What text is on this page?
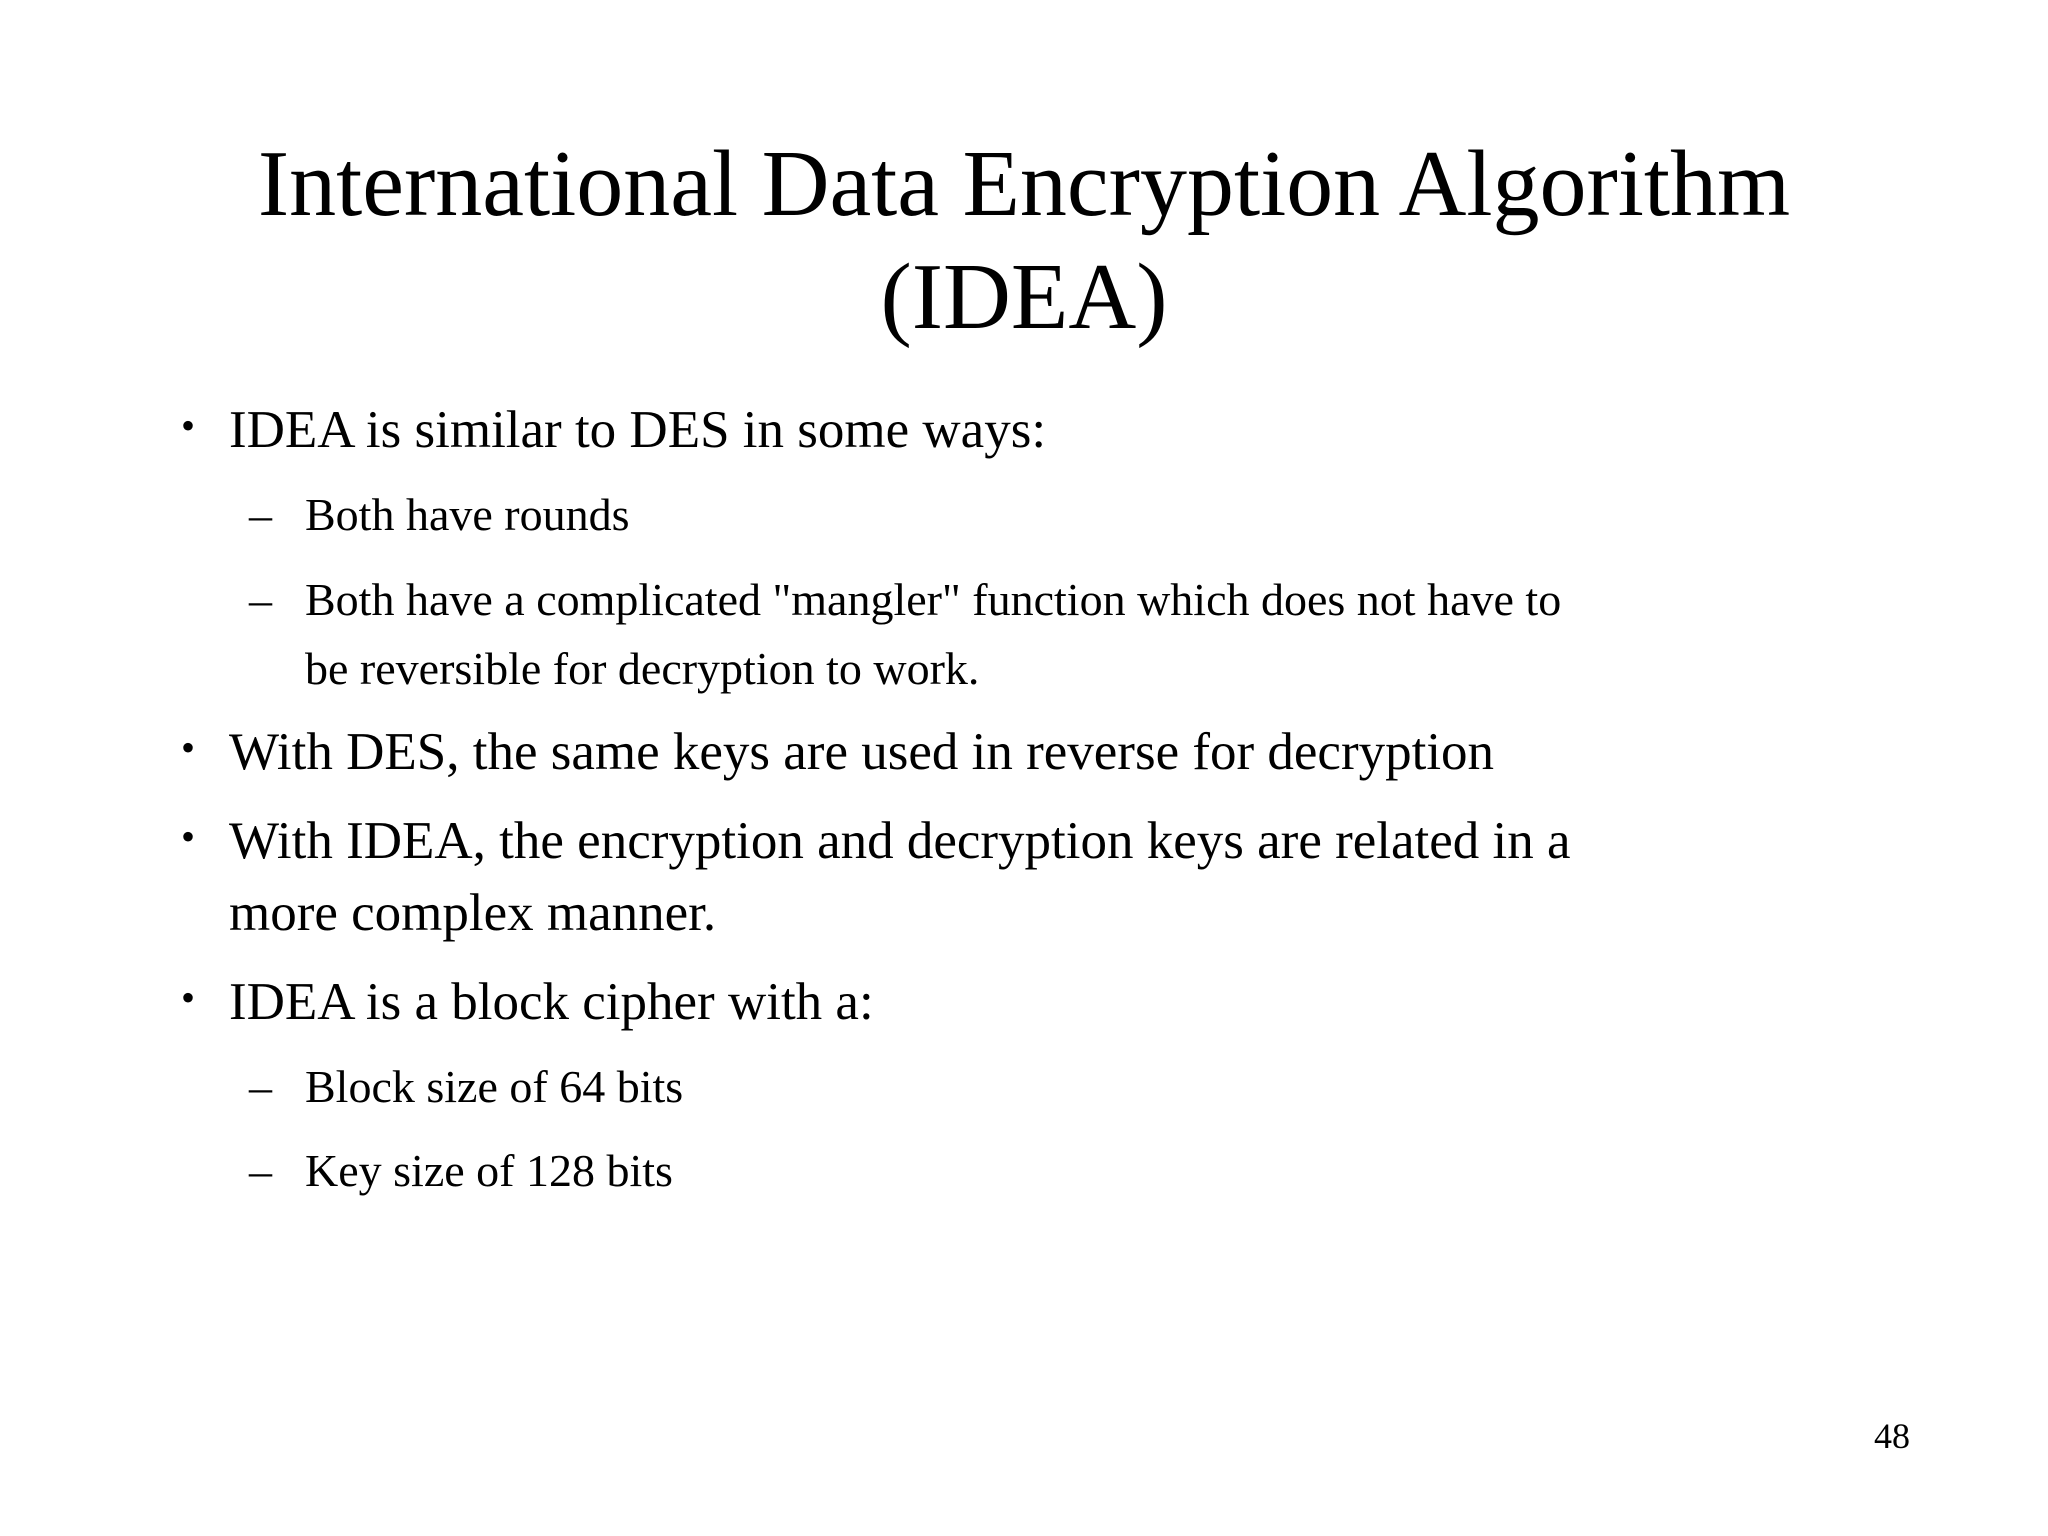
International Data Encryption Algorithm
(IDEA)
• IDEA is similar to DES in some ways:
– Both have rounds
– Both have a complicated "mangler" function which does not have to
be reversible for decryption to work.
• With DES, the same keys are used in reverse for decryption
• With IDEA, the encryption and decryption keys are related in a
more complex manner.
• IDEA is a block cipher with a:
– Block size of 64 bits
– Key size of 128 bits
48
